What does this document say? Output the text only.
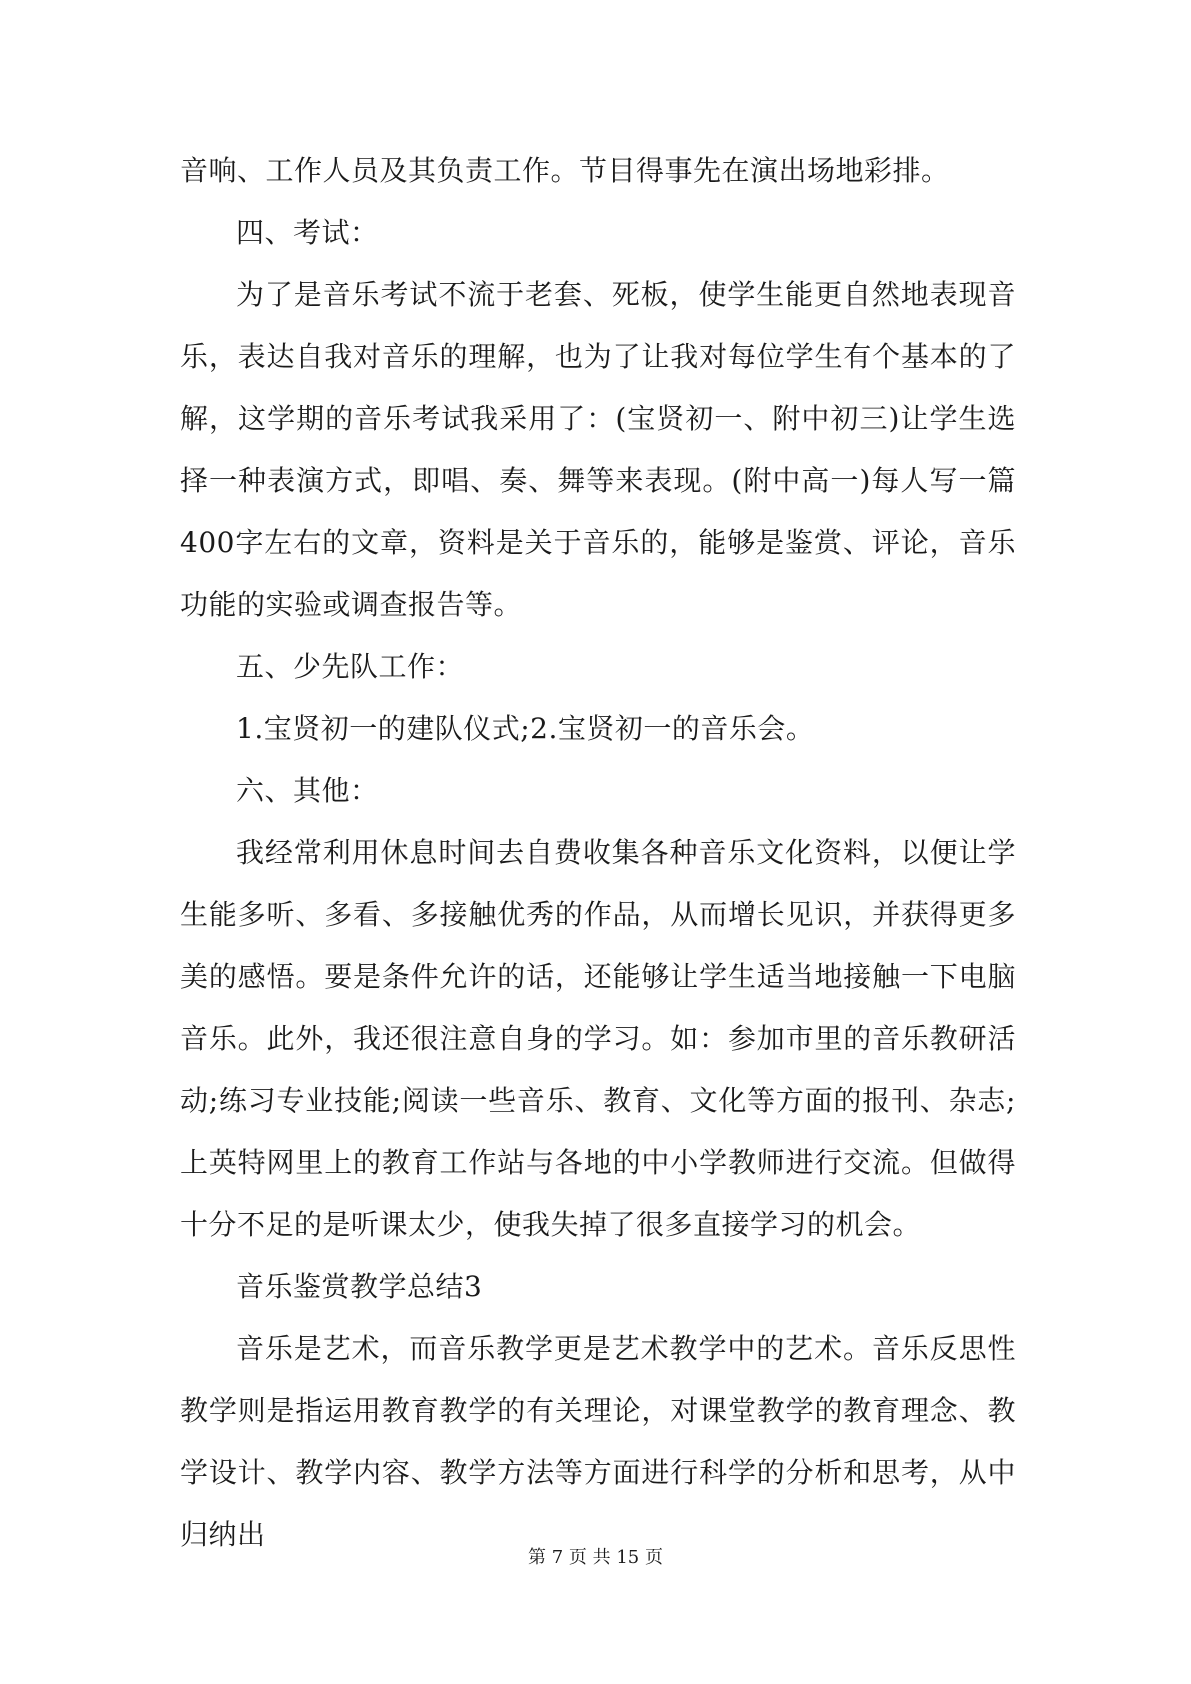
音响、工作人员及其负责工作。节目得事先在演出场地彩排。

四、考试：

为了是音乐考试不流于老套、死板，使学生能更自然地表现音乐，表达自我对音乐的理解，也为了让我对每位学生有个基本的了解，这学期的音乐考试我采用了：(宝贤初一、附中初三)让学生选择一种表演方式，即唱、奏、舞等来表现。(附中高一)每人写一篇400字左右的文章，资料是关于音乐的，能够是鉴赏、评论，音乐功能的实验或调查报告等。

五、少先队工作：

1.宝贤初一的建队仪式;2.宝贤初一的音乐会。

六、其他：

我经常利用休息时间去自费收集各种音乐文化资料，以便让学生能多听、多看、多接触优秀的作品，从而增长见识，并获得更多美的感悟。要是条件允许的话，还能够让学生适当地接触一下电脑音乐。此外，我还很注意自身的学习。如：参加市里的音乐教研活动;练习专业技能;阅读一些音乐、教育、文化等方面的报刊、杂志;上英特网里上的教育工作站与各地的中小学教师进行交流。但做得十分不足的是听课太少，使我失掉了很多直接学习的机会。

音乐鉴赏教学总结3

音乐是艺术，而音乐教学更是艺术教学中的艺术。音乐反思性教学则是指运用教育教学的有关理论，对课堂教学的教育理念、教学设计、教学内容、教学方法等方面进行科学的分析和思考，从中归纳出

第 7 页 共 15 页
